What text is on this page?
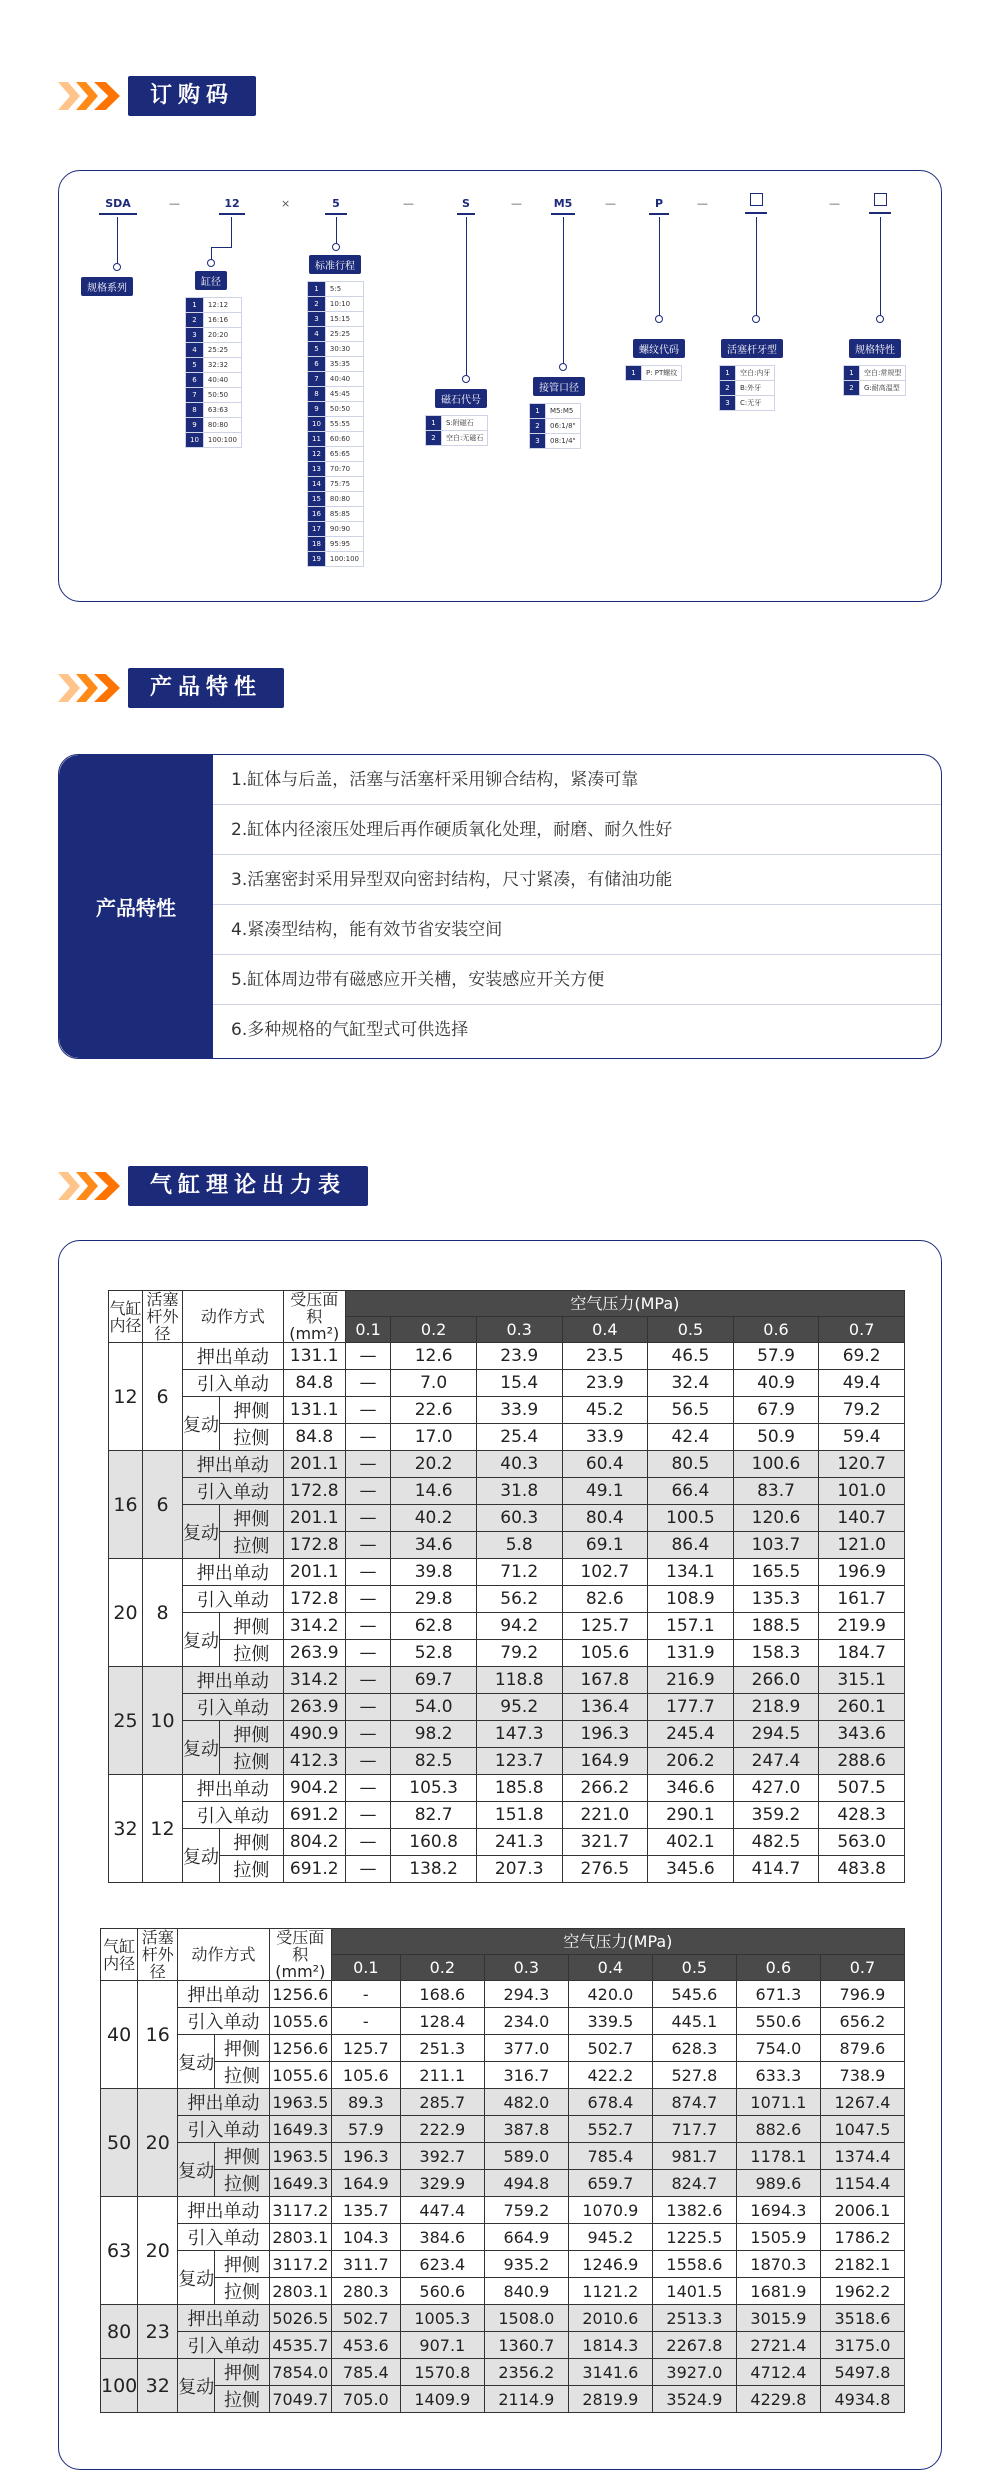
订购码
SDA	—	12	×	5	—	S	—	M5	—	P	—	—
规格系列
缸径
1	12:12
2	16:16
3	20:20
4	25:25
5	32:32
6	40:40
7	50:50
8	63:63
9	80:80
10	100:100
标准行程
1	5:5
2	10:10
3	15:15
4	25:25
5	30:30
6	35:35
7	40:40
8	45:45
9	50:50
10	55:55
11	60:60
12	65:65
13	70:70
14	75:75
15	80:80
16	85:85
17	90:90
18	95:95
19	100:100
磁石代号
1	S:附磁石
2	空白:无磁石
接管口径
1	M5:M5
2	06:1/8"
3	08:1/4"
螺纹代码
1	P: PT螺纹
活塞杆牙型
1	空白:内牙
2	B:外牙
3	C:无牙
规格特性
1	空白:常规型
2	G:耐高温型
产品特性
产品特性
1.缸体与后盖，活塞与活塞杆采用铆合结构，紧凑可靠
2.缸体内径滚压处理后再作硬质氧化处理，耐磨、耐久性好
3.活塞密封采用异型双向密封结构，尺寸紧凑，有储油功能
4.紧凑型结构，能有效节省安装空间
5.缸体周边带有磁感应开关槽，安装感应开关方便
6.多种规格的气缸型式可供选择
气缸理论出力表
气缸内径	活塞杆外径	动作方式		受压面积(mm²)	空气压力(MPa)						
					0.1	0.2	0.3	0.4	0.5	0.6	0.7
12	6	押出单动		131.1	—	12.6	23.9	23.5	46.5	57.9	69.2
		引入单动		84.8	—	7.0	15.4	23.9	32.4	40.9	49.4
		复动	押侧	131.1	—	22.6	33.9	45.2	56.5	67.9	79.2
			拉侧	84.8	—	17.0	25.4	33.9	42.4	50.9	59.4
16	6	押出单动		201.1	—	20.2	40.3	60.4	80.5	100.6	120.7
		引入单动		172.8	—	14.6	31.8	49.1	66.4	83.7	101.0
		复动	押侧	201.1	—	40.2	60.3	80.4	100.5	120.6	140.7
			拉侧	172.8	—	34.6	5.8	69.1	86.4	103.7	121.0
20	8	押出单动		201.1	—	39.8	71.2	102.7	134.1	165.5	196.9
		引入单动		172.8	—	29.8	56.2	82.6	108.9	135.3	161.7
		复动	押侧	314.2	—	62.8	94.2	125.7	157.1	188.5	219.9
			拉侧	263.9	—	52.8	79.2	105.6	131.9	158.3	184.7
25	10	押出单动		314.2	—	69.7	118.8	167.8	216.9	266.0	315.1
		引入单动		263.9	—	54.0	95.2	136.4	177.7	218.9	260.1
		复动	押侧	490.9	—	98.2	147.3	196.3	245.4	294.5	343.6
			拉侧	412.3	—	82.5	123.7	164.9	206.2	247.4	288.6
32	12	押出单动		904.2	—	105.3	185.8	266.2	346.6	427.0	507.5
		引入单动		691.2	—	82.7	151.8	221.0	290.1	359.2	428.3
		复动	押侧	804.2	—	160.8	241.3	321.7	402.1	482.5	563.0
			拉侧	691.2	—	138.2	207.3	276.5	345.6	414.7	483.8
气缸内径	活塞杆外径	动作方式		受压面积(mm²)	空气压力(MPa)						
					0.1	0.2	0.3	0.4	0.5	0.6	0.7
40	16	押出单动		1256.6	-	168.6	294.3	420.0	545.6	671.3	796.9
		引入单动		1055.6	-	128.4	234.0	339.5	445.1	550.6	656.2
		复动	押侧	1256.6	125.7	251.3	377.0	502.7	628.3	754.0	879.6
			拉侧	1055.6	105.6	211.1	316.7	422.2	527.8	633.3	738.9
50	20	押出单动		1963.5	89.3	285.7	482.0	678.4	874.7	1071.1	1267.4
		引入单动		1649.3	57.9	222.9	387.8	552.7	717.7	882.6	1047.5
		复动	押侧	1963.5	196.3	392.7	589.0	785.4	981.7	1178.1	1374.4
			拉侧	1649.3	164.9	329.9	494.8	659.7	824.7	989.6	1154.4
63	20	押出单动		3117.2	135.7	447.4	759.2	1070.9	1382.6	1694.3	2006.1
		引入单动		2803.1	104.3	384.6	664.9	945.2	1225.5	1505.9	1786.2
		复动	押侧	3117.2	311.7	623.4	935.2	1246.9	1558.6	1870.3	2182.1
			拉侧	2803.1	280.3	560.6	840.9	1121.2	1401.5	1681.9	1962.2
80	23	押出单动		5026.5	502.7	1005.3	1508.0	2010.6	2513.3	3015.9	3518.6
		引入单动		4535.7	453.6	907.1	1360.7	1814.3	2267.8	2721.4	3175.0
100	32	复动	押侧	7854.0	785.4	1570.8	2356.2	3141.6	3927.0	4712.4	5497.8
			拉侧	7049.7	705.0	1409.9	2114.9	2819.9	3524.9	4229.8	4934.8
